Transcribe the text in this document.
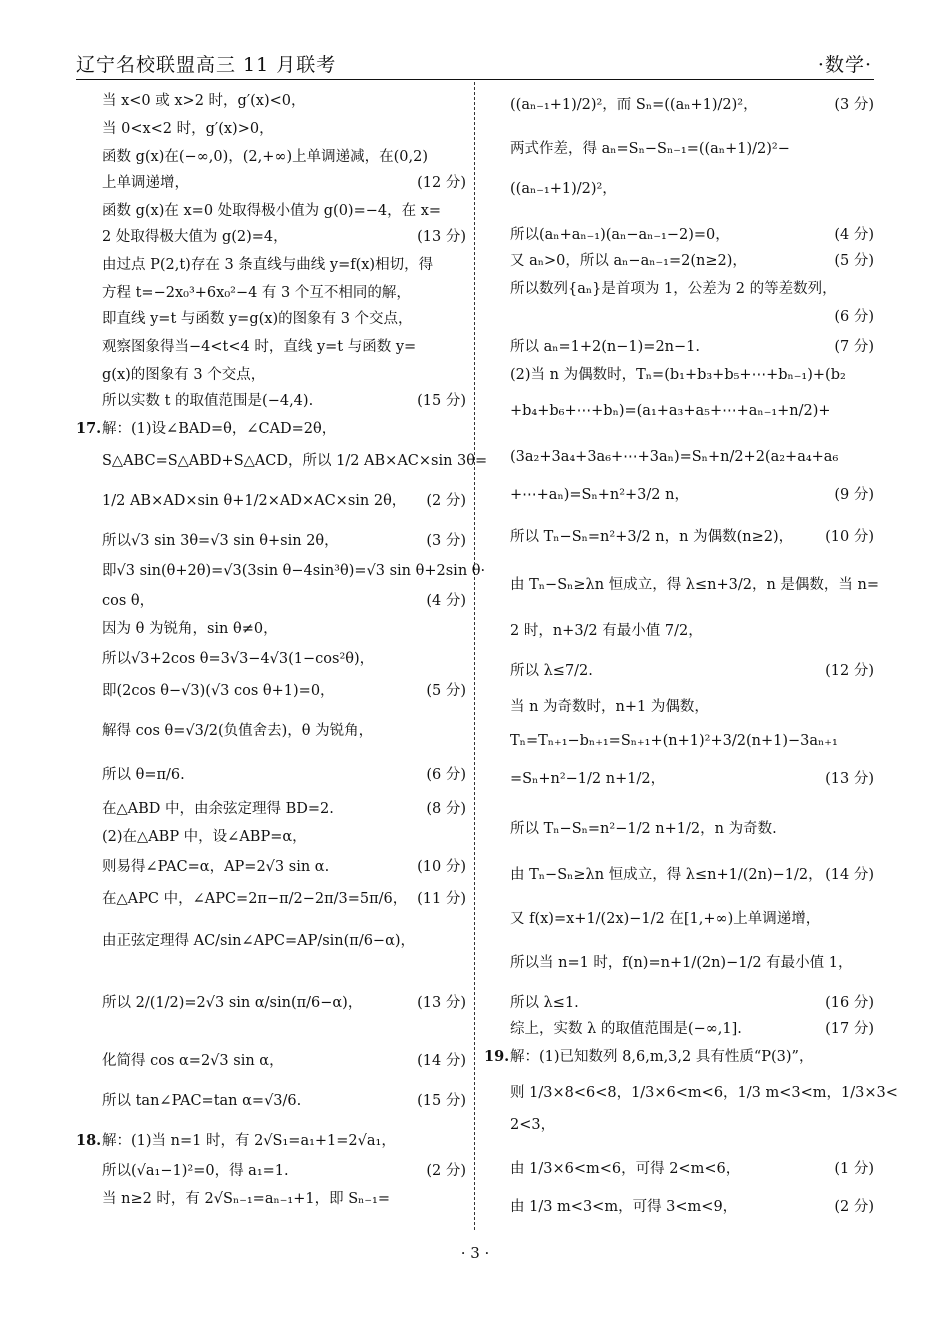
辽宁名校联盟高三 11 月联考	·数学·
当 x<0 或 x>2 时，g′(x)<0，
当 0<x<2 时，g′(x)>0，
函数 g(x)在(−∞,0)，(2,+∞)上单调递减，在(0,2)
上单调递增，	(12 分)
函数 g(x)在 x=0 处取得极小值为 g(0)=−4，在 x=
2 处取得极大值为 g(2)=4，	(13 分)
由过点 P(2,t)存在 3 条直线与曲线 y=f(x)相切，得
方程 t=−2x₀³+6x₀²−4 有 3 个互不相同的解，
即直线 y=t 与函数 y=g(x)的图象有 3 个交点，
观察图象得当−4<t<4 时，直线 y=t 与函数 y=
g(x)的图象有 3 个交点，
所以实数 t 的取值范围是(−4,4).	(15 分)
17. 解：(1)设∠BAD=θ，∠CAD=2θ，
S△ABC=S△ABD+S△ACD，所以 1/2 AB×AC×sin 3θ=
1/2 AB×AD×sin θ+1/2×AD×AC×sin 2θ， (2 分)
所以√3 sin 3θ=√3 sin θ+sin 2θ，	(3 分)
即√3 sin(θ+2θ)=√3(3sin θ−4sin³θ)=√3 sin θ+2sin θ·
cos θ，	(4 分)
因为 θ 为锐角，sin θ≠0，
所以√3+2cos θ=3√3−4√3(1−cos²θ)，
即(2cos θ−√3)(√3 cos θ+1)=0，	(5 分)
解得 cos θ=√3/2(负值舍去)，θ 为锐角，
所以 θ=π/6.	(6 分)
在△ABD 中，由余弦定理得 BD=2.	(8 分)
(2)在△ABP 中，设∠ABP=α，
则易得∠PAC=α，AP=2√3 sin α.	(10 分)
在△APC 中，∠APC=2π−π/2−2π/3=5π/6， (11 分)
由正弦定理得 AC/sin∠APC=AP/sin(π/6−α)，
所以 2/(1/2)=2√3 sin α/sin(π/6−α)，	(13 分)
化简得 cos α=2√3 sin α，	(14 分)
所以 tan∠PAC=tan α=√3/6.	(15 分)
18. 解：(1)当 n=1 时，有 2√S₁=a₁+1=2√a₁，
所以(√a₁−1)²=0，得 a₁=1.	(2 分)
当 n≥2 时，有 2√Sₙ₋₁=aₙ₋₁+1，即 Sₙ₋₁=
((aₙ₋₁+1)/2)²，而 Sₙ=((aₙ+1)/2)²，	(3 分)
两式作差，得 aₙ=Sₙ−Sₙ₋₁=((aₙ+1)/2)²−
((aₙ₋₁+1)/2)²，
所以(aₙ+aₙ₋₁)(aₙ−aₙ₋₁−2)=0，	(4 分)
又 aₙ>0，所以 aₙ−aₙ₋₁=2(n≥2)，	(5 分)
所以数列{aₙ}是首项为 1，公差为 2 的等差数列，
(6 分)
所以 aₙ=1+2(n−1)=2n−1.	(7 分)
(2)当 n 为偶数时，Tₙ=(b₁+b₃+b₅+⋯+bₙ₋₁)+(b₂
+b₄+b₆+⋯+bₙ)=(a₁+a₃+a₅+⋯+aₙ₋₁+n/2)+
(3a₂+3a₄+3a₆+⋯+3aₙ)=Sₙ+n/2+2(a₂+a₄+a₆
+⋯+aₙ)=Sₙ+n²+3/2 n，	(9 分)
所以 Tₙ−Sₙ=n²+3/2 n，n 为偶数(n≥2)， (10 分)
由 Tₙ−Sₙ≥λn 恒成立，得 λ≤n+3/2，n 是偶数，当 n=
2 时，n+3/2 有最小值 7/2，
所以 λ≤7/2.	(12 分)
当 n 为奇数时，n+1 为偶数，
Tₙ=Tₙ₊₁−bₙ₊₁=Sₙ₊₁+(n+1)²+3/2(n+1)−3aₙ₊₁
=Sₙ+n²−1/2 n+1/2，	(13 分)
所以 Tₙ−Sₙ=n²−1/2 n+1/2，n 为奇数.
由 Tₙ−Sₙ≥λn 恒成立，得 λ≤n+1/(2n)−1/2， (14 分)
又 f(x)=x+1/(2x)−1/2 在[1,+∞)上单调递增，
所以当 n=1 时，f(n)=n+1/(2n)−1/2 有最小值 1，
所以 λ≤1.	(16 分)
综上，实数 λ 的取值范围是(−∞,1].	(17 分)
19. 解：(1)已知数列 8,6,m,3,2 具有性质“P(3)”，
则 1/3×8<6<8，1/3×6<m<6，1/3 m<3<m，1/3×3<
2<3，
由 1/3×6<m<6，可得 2<m<6，	(1 分)
由 1/3 m<3<m，可得 3<m<9，	(2 分)
· 3 ·
